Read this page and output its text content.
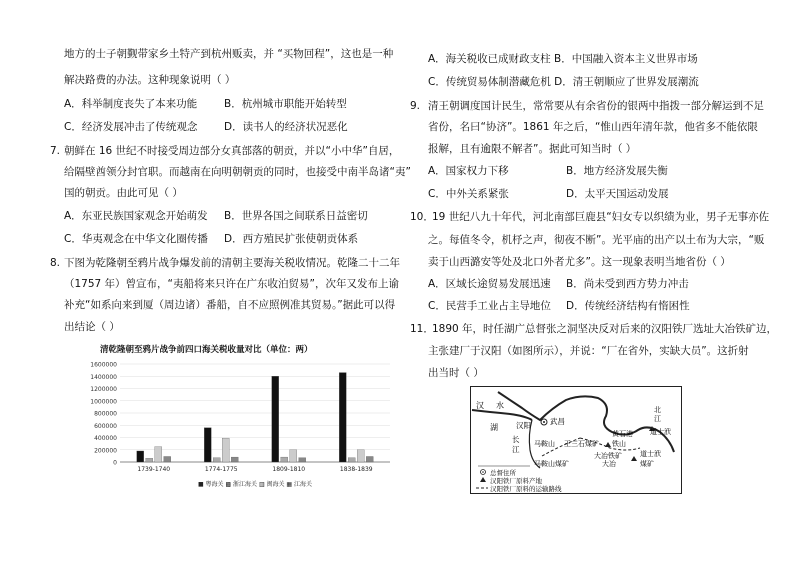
地方的士子朝觐带家乡土特产到杭州贩卖，并 “买物回程”，这也是一种
解决路费的办法。这种现象说明（ ）
A．科举制度丧失了本来功能	B．杭州城市职能开始转型
C．经济发展冲击了传统观念	D．读书人的经济状况恶化
7. 朝鲜在 16 世纪不时接受周边部分女真部落的朝贡，并以“小中华”自居，
给隔壁酋领分封官职。而越南在向明朝朝贡的同时，也接受中南半岛诸“夷”
国的朝贡。由此可见（ ）
A．东亚民族国家观念开始萌发 B．世界各国之间联系日益密切
C．华夷观念在中华文化圈传播 D．西方殖民扩张使朝贡体系
8. 下图为乾隆朝至鸦片战争爆发前的清朝主要海关税收情况。乾隆二十二年
（1757 年）曾宣布，“夷船将来只许在广东收泊贸易”，次年又发布上谕
补充“如系向来到厦（周边诸）番船，自不应照例准其贸易。”据此可以得
出结论（ ）
清乾隆朝至鸦片战争前四口海关税收量对比（单位：两）
0
200000
400000
600000
800000
1000000
1200000
1400000
1600000
1739-1740	1774-1775	1809-1810	1838-1839
■ 粤海关 ▩ 浙江海关 ▥ 闽海关 ▦ 江海关
A．海关税收已成财政支柱 B．中国融入资本主义世界市场
C．传统贸易体制潜藏危机 D．清王朝顺应了世界发展潮流
9. 清王朝调度国计民生，常常要从有余省份的银两中指拨一部分解运到不足
省份，名曰“协济”。1861 年之后，“惟山西年清年款，他省多不能依限
报解，且有逾限不解者”。据此可知当时（ ）
A．国家权力下移	B．地方经济发展失衡
C．中外关系紧张	D．太平天国运动发展
10．
19 世纪八九十年代，河北南部巨鹿县“妇女专以织绩为业，男子无事亦佐
之。每值冬令，机杼之声，彻夜不断”。光平庙的出产以土布为大宗，“贩
卖于山西潞安等处及北口外者尤多”。这一现象表明当地省份（ ）
A．区域长途贸易发展迅速 B．尚未受到西方势力冲击
C．民营手工业占主导地位 D．传统经济结构有惰困性
11．
1890 年，时任湖广总督张之洞坚决反对后来的汉阳铁厂选址大冶铁矿边，
主张建厂于汉阳（如图所示），并说：“厂在省外，实缺大员”。这折射
出当时（ ）
汉 水
武昌
汉阳
湖
长
江
马鞍山 王三石煤矿
黄石港
铁山
北
江
道士洑
大冶铁矿
大冶
马鞍山煤矿
道士洑
煤矿
总督住所
汉阳铁厂原料产地
汉阳铁厂原料的运输路线
